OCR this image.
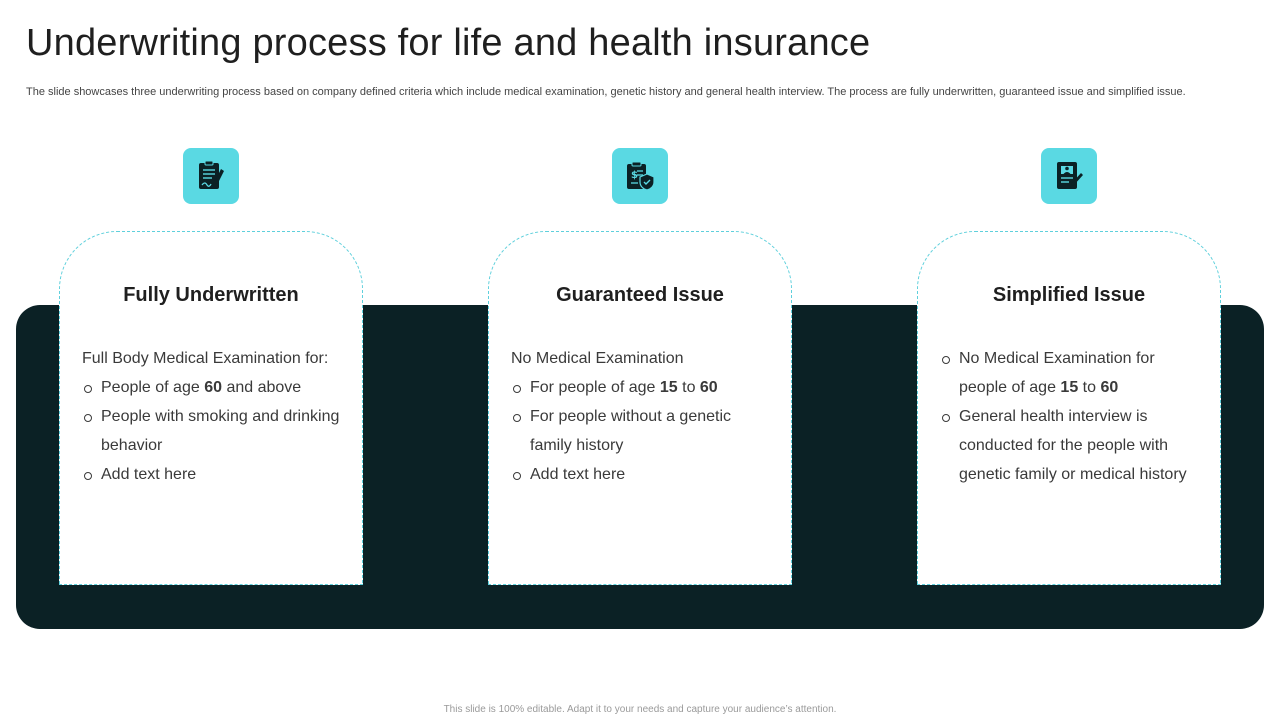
Underwriting process for life and health insurance

The slide showcases three underwriting process based on company defined criteria which include medical examination, genetic history and general health interview. The process are fully underwritten, guaranteed issue and simplified issue.

$
Fully Underwritten

Full Body Medical Examination for:

People of age 60 and above
People with smoking and drinking behavior
Add text here
Guaranteed Issue

No Medical Examination

For people of age 15 to 60
For people without a genetic family history
Add text here
Simplified Issue
No Medical Examination for people of age 15 to 60
General health interview is conducted for the people with genetic family or medical history
This slide is 100% editable. Adapt it to your needs and capture your audience’s attention.
